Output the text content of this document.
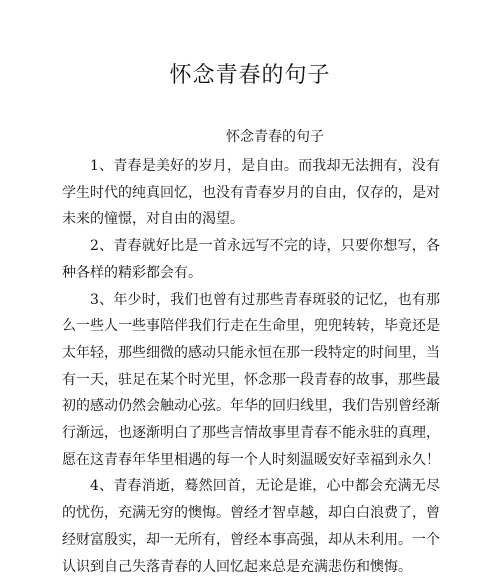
怀念青春的句子
怀念青春的句子

1、青春是美好的岁月，是自由。而我却无法拥有，没有学生时代的纯真回忆，也没有青春岁月的自由，仅存的，是对未来的憧憬，对自由的渴望。

2、青春就好比是一首永远写不完的诗，只要你想写，各种各样的精彩都会有。

3、年少时，我们也曾有过那些青春斑驳的记忆，也有那么一些人一些事陪伴我们行走在生命里，兜兜转转，毕竟还是太年轻，那些细微的感动只能永恒在那一段特定的时间里，当有一天，驻足在某个时光里，怀念那一段青春的故事，那些最初的感动仍然会触动心弦。年华的回归线里，我们告别曾经渐行渐远，也逐渐明白了那些言情故事里青春不能永驻的真理，愿在这青春年华里相遇的每一个人时刻温暖安好幸福到永久！

4、青春消逝，蓦然回首，无论是谁，心中都会充满无尽的忧伤，充满无穷的懊悔。曾经才智卓越，却白白浪费了，曾经财富殷实，却一无所有，曾经本事高强，却从未利用。一个认识到自己失落青春的人回忆起来总是充满悲伤和懊悔。
